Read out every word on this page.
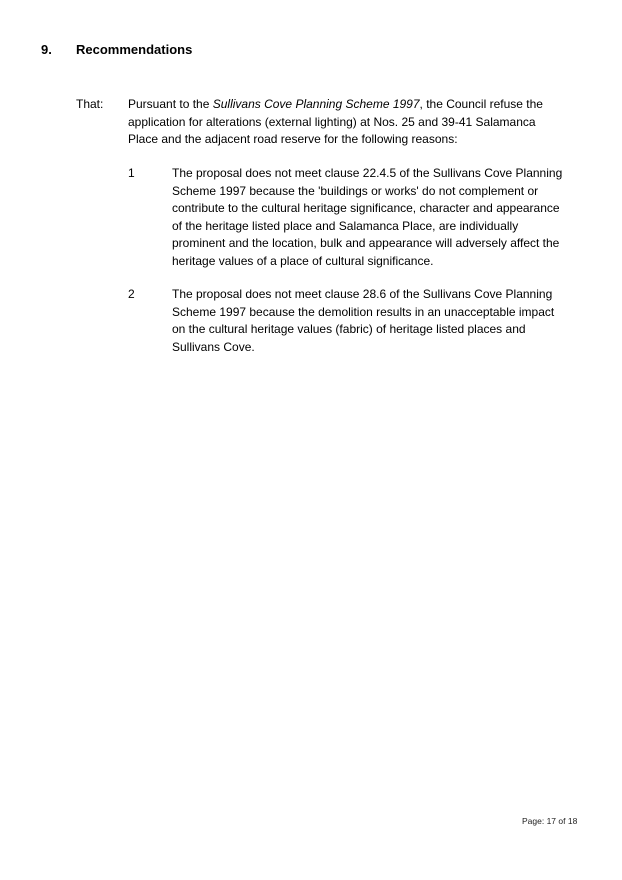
9.	Recommendations
That: Pursuant to the Sullivans Cove Planning Scheme 1997, the Council refuse the application for alterations (external lighting) at Nos. 25 and 39-41 Salamanca Place and the adjacent road reserve for the following reasons:
1	The proposal does not meet clause 22.4.5 of the Sullivans Cove Planning Scheme 1997 because the 'buildings or works' do not complement or contribute to the cultural heritage significance, character and appearance of the heritage listed place and Salamanca Place, are individually prominent and the location, bulk and appearance will adversely affect the heritage values of a place of cultural significance.
2	The proposal does not meet clause 28.6 of the Sullivans Cove Planning Scheme 1997 because the demolition results in an unacceptable impact on the cultural heritage values (fabric) of heritage listed places and Sullivans Cove.
Page: 17 of 18
